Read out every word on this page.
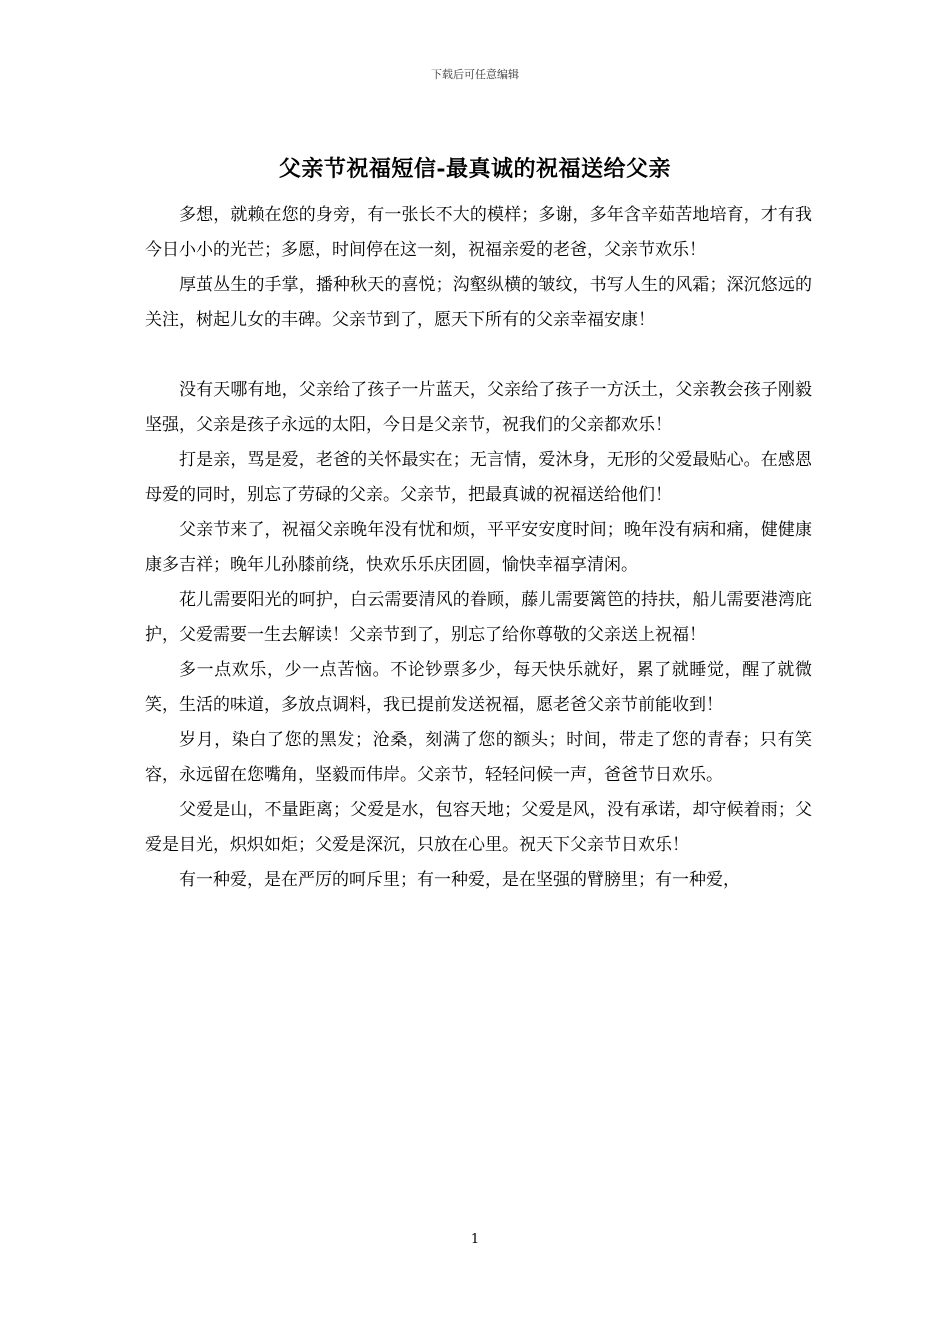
下载后可任意编辑
父亲节祝福短信-最真诚的祝福送给父亲

多想，就赖在您的身旁，有一张长不大的模样；多谢，多年含辛茹苦地培育，才有我今日小小的光芒；多愿，时间停在这一刻，祝福亲爱的老爸，父亲节欢乐！

厚茧丛生的手掌，播种秋天的喜悦；沟壑纵横的皱纹，书写人生的风霜；深沉悠远的关注，树起儿女的丰碑。父亲节到了，愿天下所有的父亲幸福安康！

没有天哪有地，父亲给了孩子一片蓝天，父亲给了孩子一方沃土，父亲教会孩子刚毅坚强，父亲是孩子永远的太阳，今日是父亲节，祝我们的父亲都欢乐！

打是亲，骂是爱，老爸的关怀最实在；无言情，爱沐身，无形的父爱最贴心。在感恩母爱的同时，别忘了劳碌的父亲。父亲节，把最真诚的祝福送给他们！

父亲节来了，祝福父亲晚年没有忧和烦，平平安安度时间；晚年没有病和痛，健健康康多吉祥；晚年儿孙膝前绕，快欢乐乐庆团圆，愉快幸福享清闲。

花儿需要阳光的呵护，白云需要清风的眷顾，藤儿需要篱笆的持扶，船儿需要港湾庇护，父爱需要一生去解读！父亲节到了，别忘了给你尊敬的父亲送上祝福！

多一点欢乐，少一点苦恼。不论钞票多少，每天快乐就好，累了就睡觉，醒了就微笑，生活的味道，多放点调料，我已提前发送祝福，愿老爸父亲节前能收到！

岁月，染白了您的黑发；沧桑，刻满了您的额头；时间，带走了您的青春；只有笑容，永远留在您嘴角，坚毅而伟岸。父亲节，轻轻问候一声，爸爸节日欢乐。

父爱是山，不量距离；父爱是水，包容天地；父爱是风，没有承诺，却守候着雨；父爱是目光，炽炽如炬；父爱是深沉，只放在心里。祝天下父亲节日欢乐！

有一种爱，是在严厉的呵斥里；有一种爱，是在坚强的臂膀里；有一种爱，

1
